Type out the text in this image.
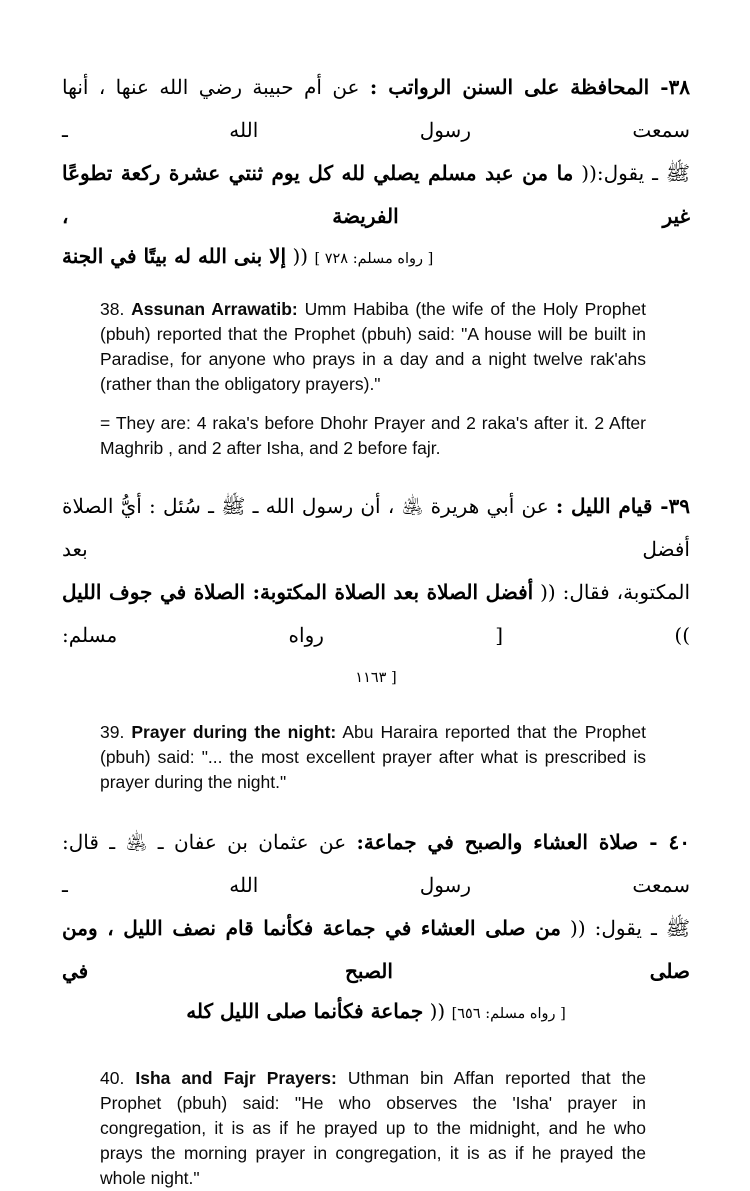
٣٨- المحافظة على السنن الرواتب : عن أم حبيبة رضي الله عنها ، أنها سمعت رسول الله ـ
ﷺ ـ يقول:(( ما من عبد مسلم يصلي لله كل يوم ثنتي عشرة ركعة تطوعًا غير الفريضة ،
إلا بنى الله له بيتًا في الجنة )) [ رواه مسلم: ٧٢٨ ]

38. Assunan Arrawatib: Umm Habiba (the wife of the Holy Prophet (pbuh) reported that the Prophet (pbuh) said: "A house will be built in Paradise, for anyone who prays in a day and a night twelve rak'ahs (rather than the obligatory prayers)."

= They are: 4 raka's before Dhohr Prayer and 2 raka's after it. 2 After Maghrib , and 2 after Isha, and 2 before fajr.

٣٩- قيام الليل : عن أبي هريرة ﵁ ، أن رسول الله ـ ﷺ ـ سُئل : أيُّ الصلاة أفضل بعد
المكتوبة، فقال: (( أفضل الصلاة بعد الصلاة المكتوبة: الصلاة في جوف الليل )) [ رواه مسلم:
١١٦٣ ]

39. Prayer during the night: Abu Haraira reported that the Prophet (pbuh) said: "... the most excellent prayer after what is prescribed is prayer during the night."

٤٠ - صلاة العشاء والصبح في جماعة: عن عثمان بن عفان ـ ﵁ ـ قال: سمعت رسول الله ـ
ﷺ ـ يقول: (( من صلى العشاء في جماعة فكأنما قام نصف الليل ، ومن صلى الصبح في
جماعة فكأنما صلى الليل كله )) [ رواه مسلم: ٦٥٦]

40. Isha and Fajr Prayers: Uthman bin Affan reported that the Prophet (pbuh) said: "He who observes the 'Isha' prayer in congregation, it is as if he prayed up to the midnight, and he who prays the morning prayer in congregation, it is as if he prayed the whole night."
